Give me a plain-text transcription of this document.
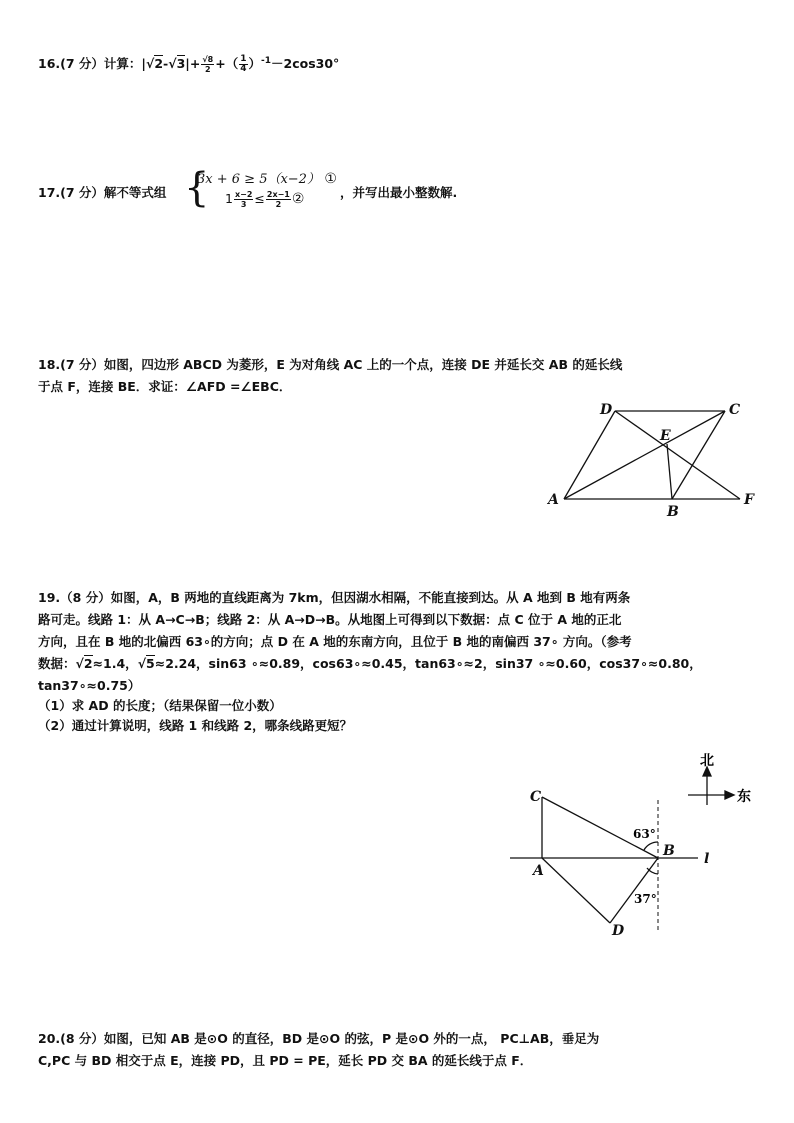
16.(7 分）计算：$|√2-√3|+ \frac{√8}{2}$ +（ $\frac{1}{4} )^{-1}-2\cos 30^\circ$
17.(7 分）解不等式组 {
3x + 6 ≥ 5（x−2） ①
$1 \frac{x-2}{3} \le \frac{2x-1}{2}$ ②	，并写出最小整数解.
18.(7 分）如图，四边形 ABCD 为菱形，E 为对角线 AC 上的一个点，连接 DE 并延长交 AB 的延长线
于点 F，连接 BE．求证：∠AFD =∠EBC．
D	C
E
A
B
F
19.（8 分）如图，A，B 两地的直线距离为 7km，但因湖水相隔，不能直接到达。从 A 地到 B 地有两条
路可走。线路 1：从 A→C→B；线路 2：从 A→D→B。从地图上可得到以下数据：点 C 位于 A 地的正北
方向，且在 B 地的北偏西 63∘的方向；点 D 在 A 地的东南方向，且位于 B 地的南偏西 37∘ 方向。（参考
数据：√2≈1.4，√5≈2.24，sin63 ∘≈0.89，cos63∘≈0.45，tan63∘≈2，sin37 ∘≈0.60，cos37∘≈0.80，
tan37∘≈0.75）
（1）求 AD 的长度；（结果保留一位小数）
（2）通过计算说明，线路 1 和线路 2，哪条线路更短？
北
东
C
A
B
D
l
63°
37°
20.(8 分）如图，已知 AB 是⊙O 的直径，BD 是⊙O 的弦，P 是⊙O 外的一点， PC⊥AB，垂足为
C,PC 与 BD 相交于点 E，连接 PD，且 PD = PE，延长 PD 交 BA 的延长线于点 F．
